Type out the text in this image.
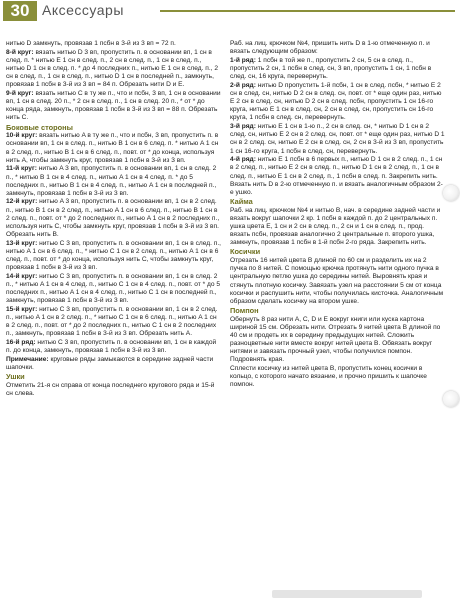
30 Аксессуары
нитью D замкнуть, провязав 1 псбн в 3-й из 3 вп = 72 п.
8-й круг: вязать нитью D 3 вп, пропустить п. в основании вп, 1 сн в след. п. * нитью E 1 сн в след. п., 2 сн в след. п., 1 сн в след. п., нитью D 1 сн в след. п. * до 4 последних п., нитью E 1 сн в след. п., 2 сн в след. п., 1 сн в след. п., нитью D 1 сн в последней п., замкнуть, провязав 1 псбн в 3-й из 3 вп = 84 п. Обрезать нити D и E.
9-й круг: вязать нитью C в ту же п., что и псбн, 3 вп, 1 сн в основании вп, 1 сн в след. 20 п., * 2 сн в след. п., 1 сн в след. 20 п., * от * до конца ряда, замкнуть, провязав 1 псбн в 3-й из 3 вп = 88 п. Обрезать нить C.
Боковые стороны
10-й круг: вязать нитью A в ту же п., что и псбн, 3 вп, пропустить п. в основании вп, 1 сн в след. п., нитью B 1 сн в 6 след. п. * нитью A 1 сн в 2 след. п., нитью B 1 сн в 6 след. п., повт. от * до конца, используя нить A, чтобы замкнуть круг, провязав 1 псбн в 3-й из 3 вп.
11-й круг: нитью A 3 вп, пропустить п. в основании вп, 1 сн в след. 2 п., * нитью B 1 сн в 4 след. п., нитью A 1 сн в 4 след. п. * до 5 последних п., нитью B 1 сн в 4 след. п., нитью A 1 сн в последней п., замкнуть, провязав 1 псбн в 3-й из 3 вп.
12-й круг: нитью A 3 вп, пропустить п. в основании вп, 1 сн в 2 след. п., нитью B 1 сн в 2 след. п., нитью A 1 сн в 6 след. п., нитью B 1 сн в 2 след. п., повт. от * до 2 последних п., нитью A 1 сн в 2 последних п., используя нить C, чтобы замкнуть круг, провязав 1 псбн в 3-й из 3 вп. Обрезать нить B.
13-й круг: нитью C 3 вп, пропустить п. в основании вп, 1 сн в след. п., нитью A 1 сн в 6 след. п., * нитью C 1 сн в 2 след. п., нитью A 1 сн в 6 след. п., повт. от * до конца, используя нить C, чтобы замкнуть круг, провязав 1 псбн в 3-й из 3 вп.
14-й круг: нитью C 3 вп, пропустить п. в основании вп, 1 сн в след. 2 п., * нитью A 1 сн в 4 след. п., нитью C 1 сн в 4 след. п., повт. от * до 5 последних п., нитью A 1 сн в 4 след. п., нитью C 1 сн в последней п., замкнуть, провязав 1 псбн в 3-й из 3 вп.
15-й круг: нитью C 3 вп, пропустить п. в основании вп, 1 сн в 2 след. п., нитью A 1 сн в 2 след. п., * нитью C 1 сн в 6 след. п., нитью A 1 сн в 2 след. п., повт. от * до 2 последних п., нитью C 1 сн в 2 последних п., замкнуть, провязав 1 псбн в 3-й из 3 вп. Обрезать нить A.
16-й ряд: нитью C 3 вп, пропустить п. в основании вп, 1 сн в каждой п. до конца, замкнуть, провязав 1 псбн в 3-й из 3 вп.
Примечание: круговые ряды замыкаются в середине задней части шапочки.
Ушки
Отметить 21-я сн справа от конца последнего кругового ряда и 15-й сн слева.
Раб. на лиц. крючком №4, пришить нить D в 1-ю отмеченную п. и вязать следующим образом:
1-й ряд: 1 псбн в той же п., пропустить 2 сн, 5 сн в след. п., пропустить 2 сн, 1 псбн в след. сн, 3 вп, пропустить 1 сн, 1 псбн в след. сн, 16 круга, перевернуть.
2-й ряд: нитью D пропустить 1-й псбн, 1 сн в след. псбн, * нитью E 2 сн в след. сн, нитью D 2 сн в след. сн, повт. от * еще один раз, нитью E 2 сн в след. сн, нитью D 2 сн в след. псбн, пропустить 1 сн 16-го круга, нитью E 1 сн в след. сн, 2 сн в след. сн, пропустить сн 16-го круга, 1 псбн в след. сн, перевернуть.
3-й ряд: нитью E 1 сн в 1-ю п., 2 сн в след. сн, * нитью D 1 сн в 2 след. сн, нитью E 2 сн в 2 след. сн, повт. от * еще один раз, нитью D 1 сн в 2 след. сн, нитью E 2 сн в след. сн, 2 сн в 3-й из 3 вп, пропустить 1 сн 16-го круга, 1 псбн в след. сн, перевернуть.
4-й ряд: нитью E 1 псбн в 6 первых п., нитью D 1 сн в 2 след. п., 1 сн в 2 след. п., нитью E 2 сн в след. п., нитью D 1 сн в 2 след. п., 1 сн в след. п., нитью E 1 сн в 2 след. п., 1 псбн в след. п. Закрепить нить. Вязать нить D в 2-ю отмеченную п. и вязать аналогичным образом 2-е ушко.
Кайма
Раб. на лиц. крючком №4 и нитью B, нач. в середине задней части и вязать вокруг шапочки 2 кр. 1 псбн в каждой п. до 2 центральных п. ушка цвета E, 1 сн и 2 сн в след. п., 2 сн и 1 сн в след. п., прод. вязать псбн, провязав аналогично 2 центральные п. второго ушка, замкнуть, провязав 1 псбн в 1-й псбн 2-го ряда. Закрепить нить.
Косички
Отрезать 16 нитей цвета B длиной по 60 см и разделить их на 2 пучка по 8 нитей. С помощью крючка протянуть нити одного пучка в центральную петлю ушка до середины нитей. Выровнять края и стянуть плотную косичку. Завязать узел на расстоянии 5 см от конца косички и распушить нити, чтобы получилась кисточка. Аналогичным образом сделать косичку на втором ушке.
Помпон
Обернуть 8 раз нити A, C, D и E вокруг книги или куска картона шириной 15 см. Обрезать нити. Отрезать 9 нитей цвета B длиной по 40 см и продеть их в середину предыдущих нитей. Сложить разноцветные нити вместе вокруг нитей цвета B. Обвязать вокруг нитями и завязать прочный узел, чтобы получился помпон. Подровнять края.
Сплести косичку из нитей цвета B, пропустить конец косички в кольцо, с которого начато вязание, и прочно пришить к шапочке помпон.
